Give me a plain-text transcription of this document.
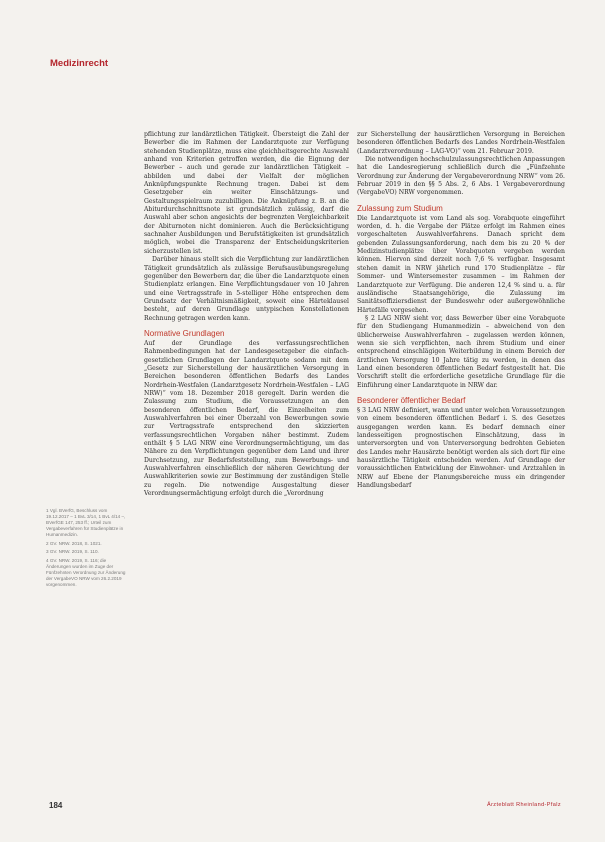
Medizinrecht

1 Vgl. BVerfG, Beschluss vom 19.12.2017 – 1 BvL 3/14, 1 BvL 4/14 –, BVerfGE 147, 253 ff.; Urteil zum Vergabeverfahren für Studienplätze in Humanmedizin.

2 GV. NRW. 2018, S. 1021.

3 GV. NRW. 2019, S. 110.

4 GV. NRW. 2019, S. 116; die Änderungen wurden im Zuge der Fünfzehnten Verordnung zur Änderung der VergabeVO NRW vom 26.2.2019 vorgenommen.

pflichtung zur landärztlichen Tätigkeit. Übersteigt die Zahl der Bewerber die im Rahmen der Landarztquote zur Verfügung stehenden Studienplätze, muss eine gleichheitsgerechte Auswahl anhand von Kriterien getroffen werden, die die Eignung der Bewerber – auch und gerade zur landärztlichen Tätigkeit – abbilden und dabei der Vielfalt der möglichen Anknüpfungspunkte Rechnung tragen. Dabei ist dem Gesetzgeber ein weiter Einschätzungs- und Gestaltungsspielraum zuzubilligen. Die Anknüpfung z. B. an die Abiturdurchschnittsnote ist grundsätzlich zulässig, darf die Auswahl aber schon angesichts der begrenzten Vergleichbarkeit der Abiturnoten nicht dominieren. Auch die Berücksichtigung sachnaher Ausbildungen und Berufstätigkeiten ist grundsätzlich möglich, wobei die Transparenz der Entscheidungskriterien sicherzustellen ist.

Darüber hinaus stellt sich die Verpflichtung zur landärztlichen Tätigkeit grundsätzlich als zulässige Berufsausübungsregelung gegenüber den Bewerbern dar, die über die Landarztquote einen Studienplatz erlangen. Eine Verpflichtungsdauer von 10 Jahren und eine Vertragsstrafe in 5-stelliger Höhe entsprechen dem Grundsatz der Verhältnismäßigkeit, soweit eine Härteklausel besteht, auf deren Grundlage untypischen Konstellationen Rechnung getragen werden kann.

Normative Grundlagen

Auf der Grundlage des verfassungsrechtlichen Rahmenbedingungen hat der Landesgesetzgeber die einfach-gesetzlichen Grundlagen der Landarztquote sodann mit dem „Gesetz zur Sicherstellung der hausärztlichen Versorgung in Bereichen besonderen öffentlichen Bedarfs des Landes Nordrhein-Westfalen (Landarztgesetz Nordrhein-Westfalen – LAG NRW)“ vom 18. Dezember 2018 geregelt. Darin werden die Zulassung zum Studium, die Voraussetzungen an den besonderen öffentlichen Bedarf, die Einzelheiten zum Auswahlverfahren bei einer Überzahl von Bewerbungen sowie zur Vertragsstrafe entsprechend den skizzierten verfassungsrechtlichen Vorgaben näher bestimmt. Zudem enthält § 5 LAG NRW eine Verordnungsermächtigung, um das Nähere zu den Verpflichtungen gegenüber dem Land und ihrer Durchsetzung, zur Bedarfsfeststellung, zum Bewerbungs- und Auswahlverfahren einschließlich der näheren Gewichtung der Auswahlkriterien sowie zur Bestimmung der zuständigen Stelle zu regeln. Die notwendige Ausgestaltung dieser Verordnungsermächtigung erfolgt durch die „Verordnung

zur Sicherstellung der hausärztlichen Versorgung in Bereichen besonderen öffentlichen Bedarfs des Landes Nordrhein-Westfalen (Landarztverordnung – LAG-VO)“ vom 21. Februar 2019.

Die notwendigen hochschulzulassungsrechtlichen Anpassungen hat die Landesregierung schließlich durch die „Fünfzehnte Verordnung zur Änderung der Vergabeverordnung NRW“ vom 26. Februar 2019 in den §§ 5 Abs. 2, 6 Abs. 1 Vergabeverordnung (VergabeVO) NRW vorgenommen.

Zulassung zum Studium

Die Landarztquote ist vom Land als sog. Vorabquote eingeführt worden, d. h. die Vergabe der Plätze erfolgt im Rahmen eines vorgeschalteten Auswahlverfahrens. Danach spricht dem gebenden Zulassungsanforderung, nach dem bis zu 20 % der Medizinstudienplätze über Vorabquoten vergeben werden können. Hiervon sind derzeit noch 7,6 % verfügbar. Insgesamt stehen damit in NRW jährlich rund 170 Studienplätze – für Sommer- und Wintersemester zusammen – im Rahmen der Landarztquote zur Verfügung. Die anderen 12,4 % sind u. a. für ausländische Staatsangehörige, die Zulassung im Sanitätsoffiziersdienst der Bundeswehr oder außergewöhnliche Härtefälle vorgesehen.

§ 2 LAG NRW sieht vor, dass Bewerber über eine Vorabquote für den Studiengang Humanmedizin – abweichend von den üblicherweise Auswahlverfahren – zugelassen werden können, wenn sie sich verpflichten, nach ihrem Studium und einer entsprechend einschlägigen Weiterbildung in einem Bereich der ärztlichen Versorgung 10 Jahre tätig zu werden, in denen das Land einen besonderen öffentlichen Bedarf festgestellt hat. Die Vorschrift stellt die erforderliche gesetzliche Grundlage für die Einführung einer Landarztquote in NRW dar.

Besonderer öffentlicher Bedarf

§ 3 LAG NRW definiert, wann und unter welchen Voraussetzungen von einem besonderen öffentlichen Bedarf i. S. des Gesetzes ausgegangen werden kann. Es bedarf demnach einer landesseitigen prognostischen Einschätzung, dass in unterversorgten und von Unterversorgung bedrohten Gebieten des Landes mehr Hausärzte benötigt werden als sich dort für eine hausärztliche Tätigkeit entscheiden werden. Auf Grundlage der voraussichtlichen Entwicklung der Einwohner- und Arztzahlen in NRW auf Ebene der Planungsbereiche muss ein dringender Handlungsbedarf

184	Ärzteblatt Rheinland-Pfalz
